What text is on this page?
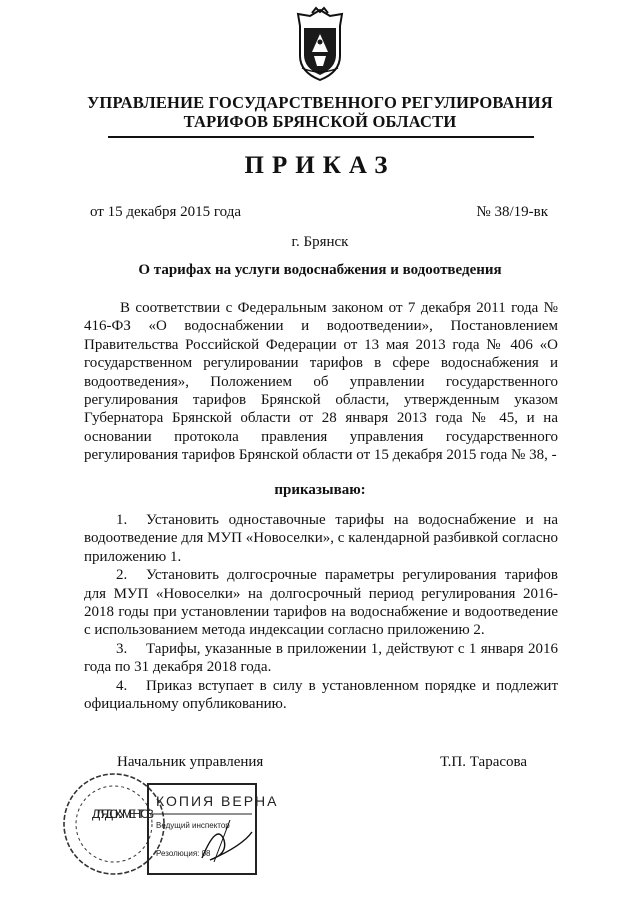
УПРАВЛЕНИЕ ГОСУДАРСТВЕННОГО РЕГУЛИРОВАНИЯ
ТАРИФОВ БРЯНСКОЙ ОБЛАСТИ
ПРИКАЗ
от 15 декабря 2015 года	№ 38/19-вк
г. Брянск
О тарифах на услуги водоснабжения и водоотведения

В соответствии с Федеральным законом от 7 декабря 2011 года № 416-ФЗ «О водоснабжении и водоотведении», Постановлением Правительства Российской Федерации от 13 мая 2013 года № 406 «О государственном регулировании тарифов в сфере водоснабжения и водоотведения», Положением об управлении государственного регулирования тарифов Брянской области, утвержденным указом Губернатора Брянской области от 28 января 2013 года № 45, и на основании протокола правления управления государственного регулирования тарифов Брянской области от 15 декабря 2015 года № 38, -

приказываю:

1. Установить одноставочные тарифы на водоснабжение и на водоотведение для МУП «Новоселки», с календарной разбивкой согласно приложению 1.

2. Установить долгосрочные параметры регулирования тарифов для МУП «Новоселки» на долгосрочный период регулирования 2016-2018 годы при установлении тарифов на водоснабжение и водоотведение с использованием метода индексации согласно приложению 2.

3. Тарифы, указанные в приложении 1, действуют с 1 января 2016 года по 31 декабря 2018 года.

4. Приказ вступает в силу в установленном порядке и подлежит официальному опубликованию.

Начальник управления	Т.П. Тарасова
ДЛЯ ДОКУМЕНТОВ
КОПИЯ ВЕРНА
Ведущий инспектор
Резолюция: 08
